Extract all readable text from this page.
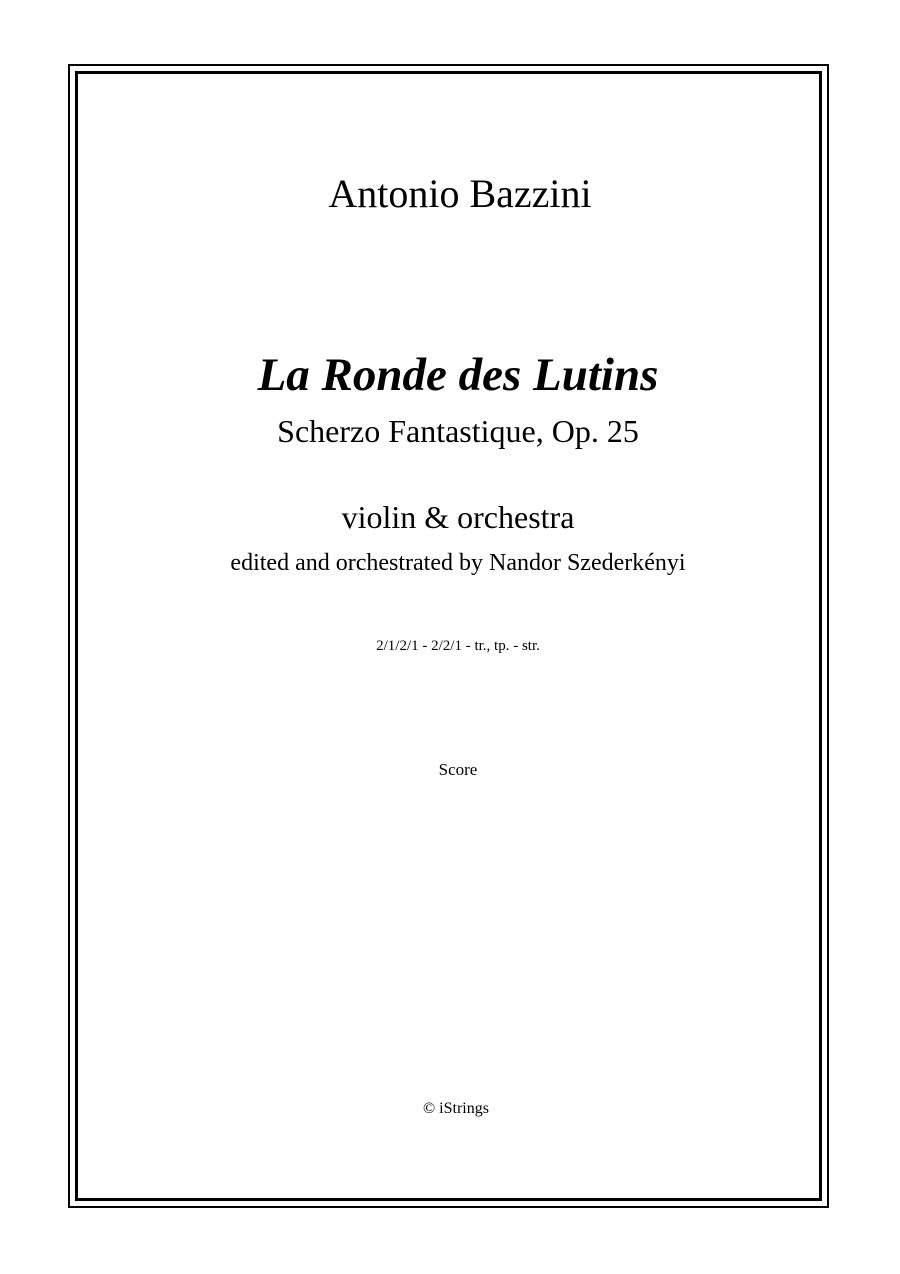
Antonio Bazzini
La Ronde des Lutins
Scherzo Fantastique, Op. 25
violin & orchestra
edited and orchestrated by Nandor Szederkényi
2/1/2/1 - 2/2/1 - tr., tp. - str.
Score
© iStrings
